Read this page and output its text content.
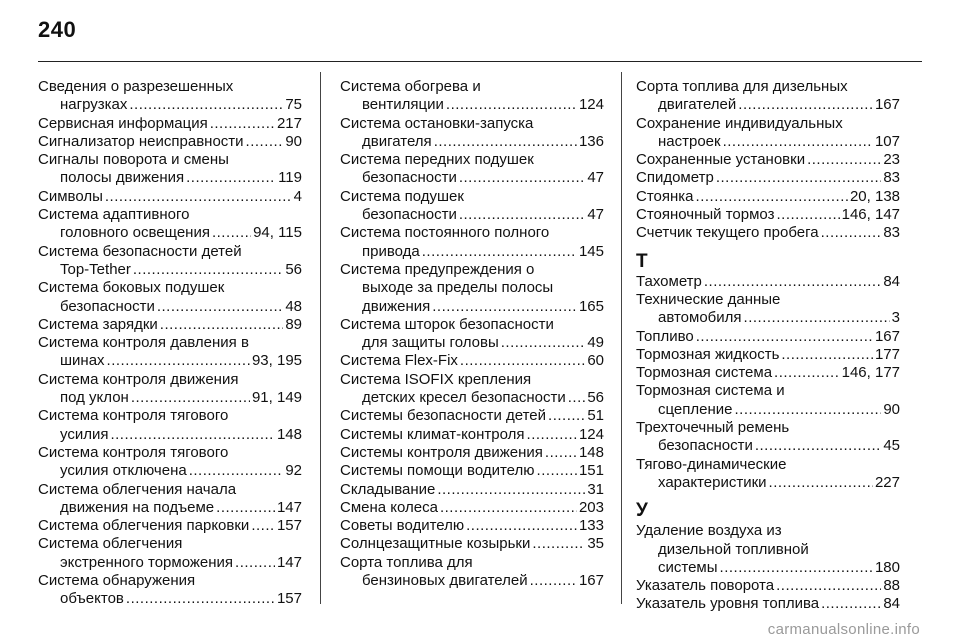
240
Сведения о разрезешенных
нагрузках .....	75
Сервисная информация .....	217
Сигнализатор неисправности .....	90
Сигналы поворота и смены
полосы движения .....	119
Символы .....	4
Система адаптивного
головного освещения .....	94, 115
Система безопасности детей
Top-Tether .....	56
Система боковых подушек
безопасности .....	48
Система зарядки .....	89
Система контроля давления в
шинах .....	93, 195
Система контроля движения
под уклон .....	91, 149
Система контроля тягового
усилия .....	148
Система контроля тягового
усилия отключена .....	92
Система облегчения начала
движения на подъеме .....	147
Система облегчения парковки ..... 157
Система облегчения
экстренного торможения .....	147
Система обнаружения
объектов .....	157
Система обогрева и
вентиляции .....	124
Система остановки-запуска
двигателя .....	136
Система передних подушек
безопасности .....	47
Система подушек
безопасности .....	47
Система постоянного полного
привода .....	145
Система предупреждения о
выходе за пределы полосы
движения .....	165
Система шторок безопасности
для защиты головы .....	49
Система Flex-Fix .....	60
Система ISOFIX крепления
детских кресел безопасности ..... 56
Системы безопасности детей .....	51
Системы климат-контроля .....	124
Системы контроля движения ..... 148
Системы помощи водителю .....	151
Складывание .....	31
Смена колеса .....	203
Советы водителю .....	133
Солнцезащитные козырьки .....	35
Сорта топлива для
бензиновых двигателей .....	167
Сорта топлива для дизельных
двигателей .....	167
Сохранение индивидуальных
настроек .....	107
Сохраненные установки .....	23
Спидометр .....	83
Стоянка .....	20, 138
Стояночный тормоз .....	146, 147
Счетчик текущего пробега .....	83
Т
Тахометр .....	84
Технические данные
автомобиля .....	3
Топливо .....	167
Тормозная жидкость .....	177
Тормозная система .....	146, 177
Тормозная система и
сцепление .....	90
Трехточечный ремень
безопасности .....	45
Тягово-динамические
характеристики .....	227
У
Удаление воздуха из
дизельной топливной
системы .....	180
Указатель поворота .....	88
Указатель уровня топлива .....	84
carmanualsonline.info
